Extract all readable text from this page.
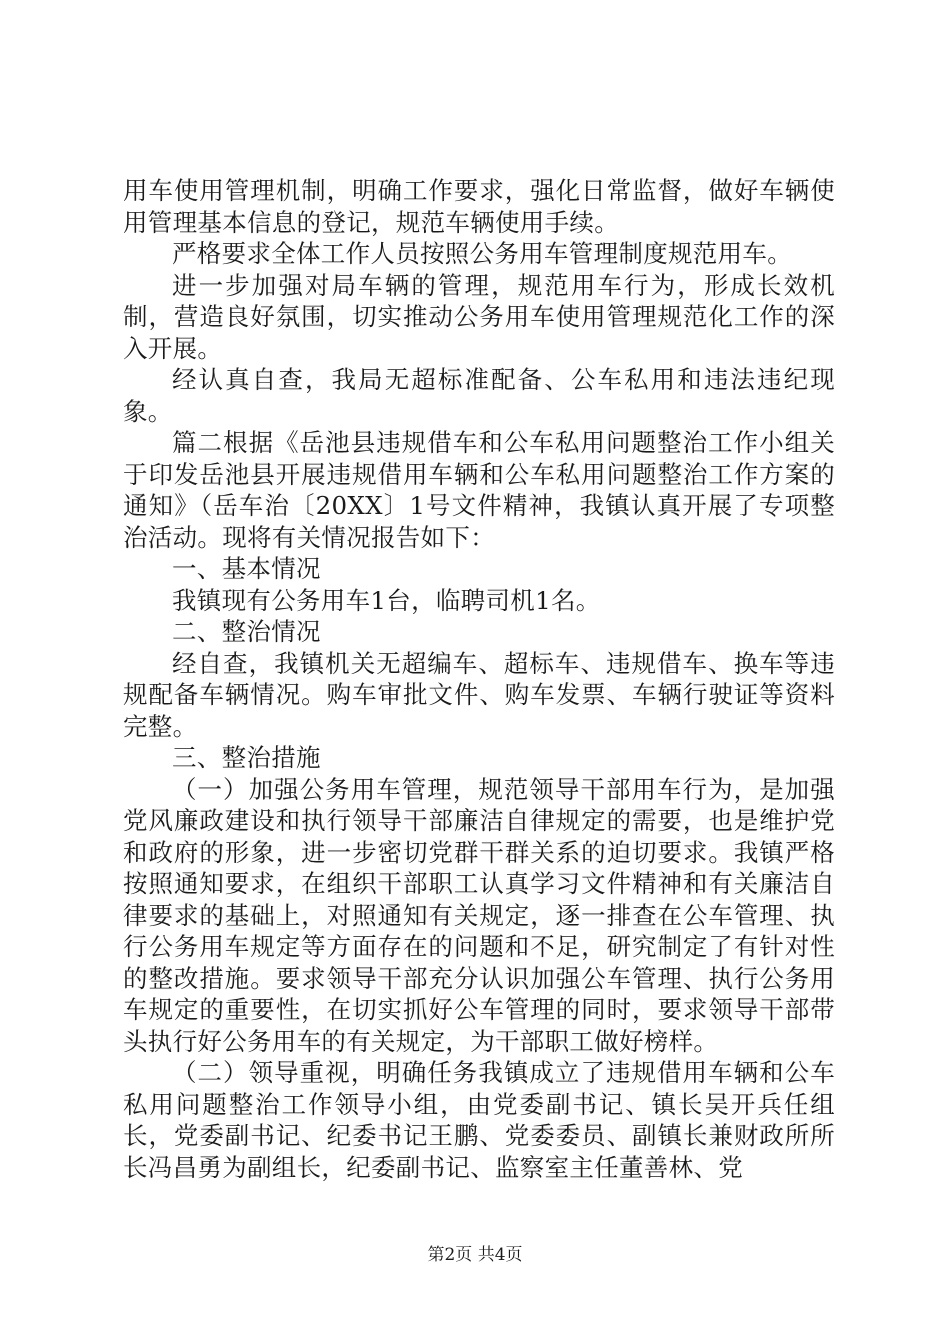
用车使用管理机制，明确工作要求，强化日常监督，做好车辆使用管理基本信息的登记，规范车辆使用手续。

严格要求全体工作人员按照公务用车管理制度规范用车。

进一步加强对局车辆的管理，规范用车行为，形成长效机制，营造良好氛围，切实推动公务用车使用管理规范化工作的深入开展。

经认真自查，我局无超标准配备、公车私用和违法违纪现象。

篇二根据《岳池县违规借车和公车私用问题整治工作小组关于印发岳池县开展违规借用车辆和公车私用问题整治工作方案的通知》（岳车治〔20XX〕1号文件精神，我镇认真开展了专项整治活动。现将有关情况报告如下：

一、基本情况

我镇现有公务用车1台，临聘司机1名。

二、整治情况

经自查，我镇机关无超编车、超标车、违规借车、换车等违规配备车辆情况。购车审批文件、购车发票、车辆行驶证等资料完整。

三、整治措施

（一）加强公务用车管理，规范领导干部用车行为，是加强党风廉政建设和执行领导干部廉洁自律规定的需要，也是维护党和政府的形象，进一步密切党群干群关系的迫切要求。我镇严格按照通知要求，在组织干部职工认真学习文件精神和有关廉洁自律要求的基础上，对照通知有关规定，逐一排查在公车管理、执行公务用车规定等方面存在的问题和不足，研究制定了有针对性的整改措施。要求领导干部充分认识加强公车管理、执行公务用车规定的重要性，在切实抓好公车管理的同时，要求领导干部带头执行好公务用车的有关规定，为干部职工做好榜样。

（二）领导重视，明确任务我镇成立了违规借用车辆和公车私用问题整治工作领导小组，由党委副书记、镇长吴开兵任组长，党委副书记、纪委书记王鹏、党委委员、副镇长兼财政所所长冯昌勇为副组长，纪委副书记、监察室主任董善林、党

第2页 共4页
